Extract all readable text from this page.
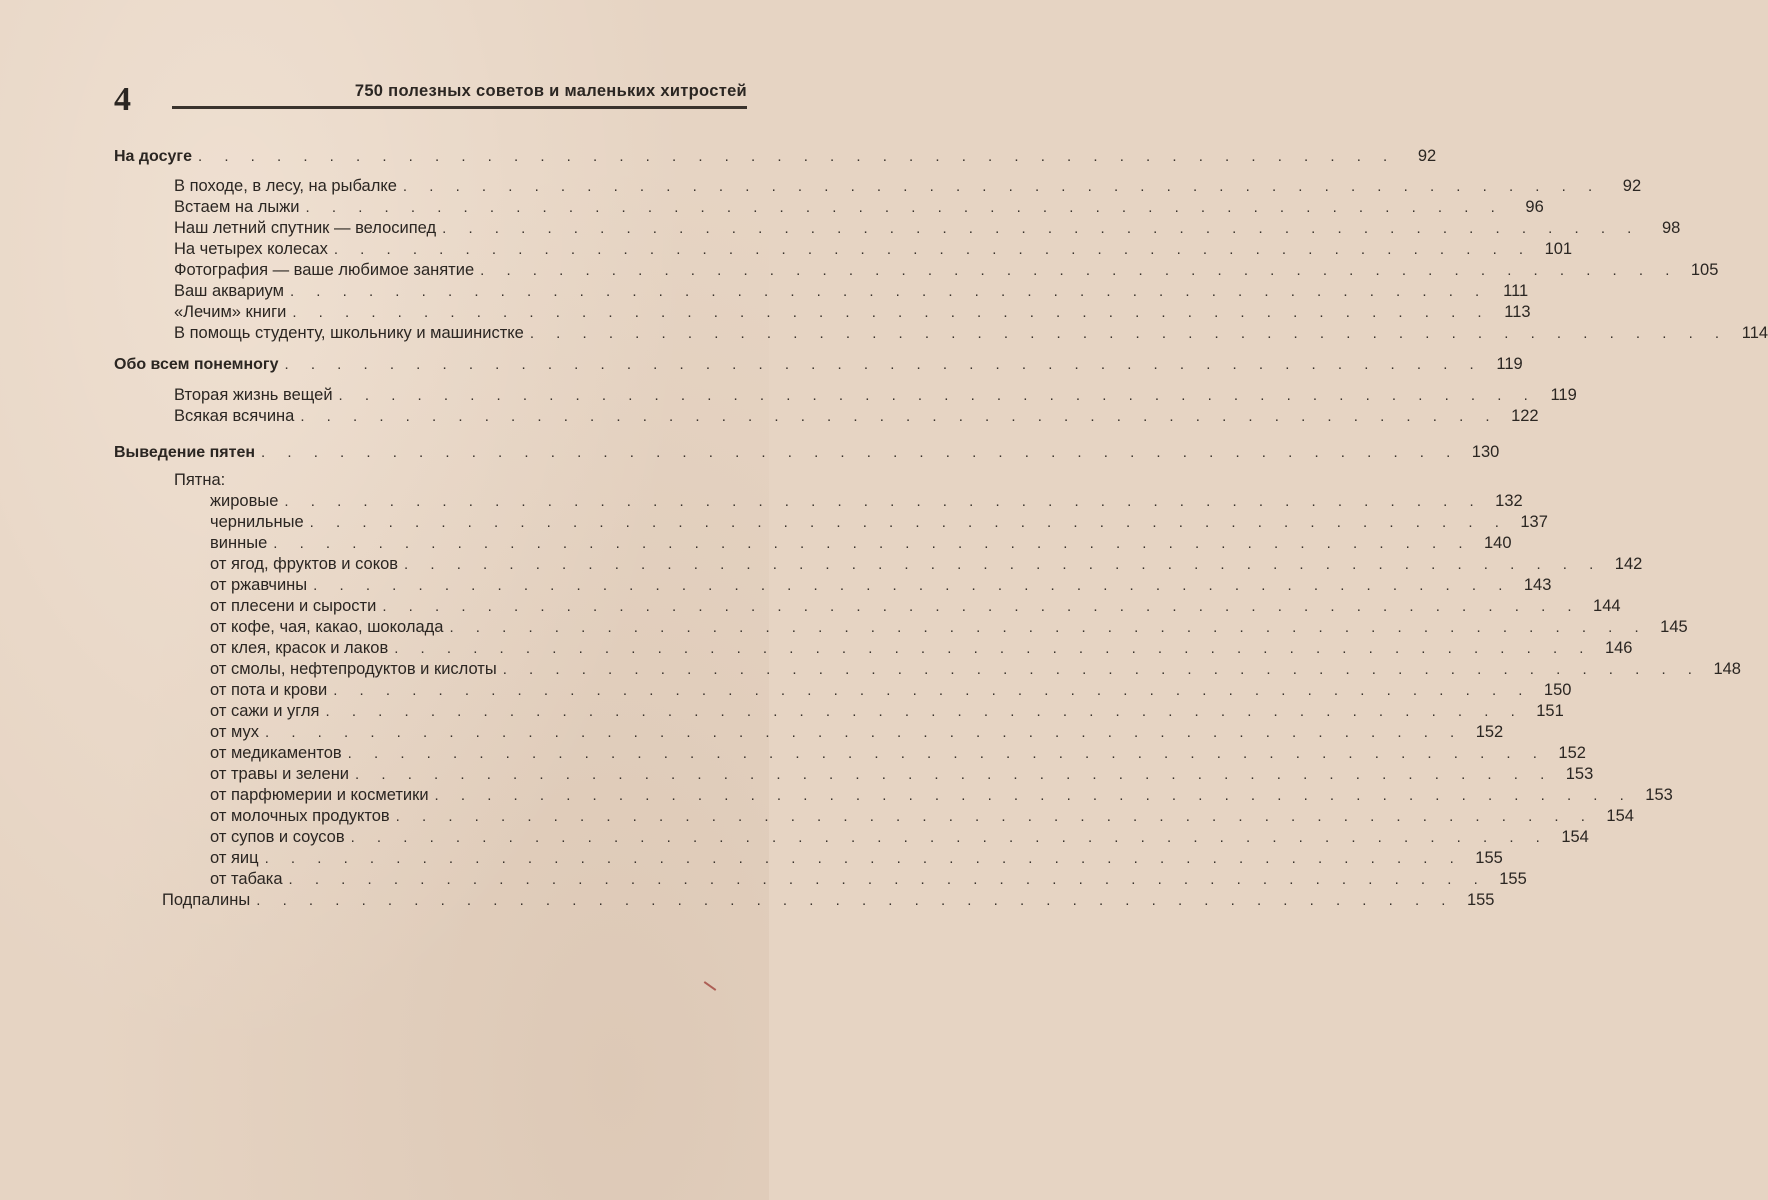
4	750 полезных советов и маленьких хитростей
На досуге . . . . . . . . . . . . . . . . . . . . . . . . . . . . . . . . . . . . . . . . . . . . . .	92
В походе, в лесу, на рыбалке . . . . . . . . . . . . . . . . . . . . . . . . . . . . . . . . . . . . . . . . . . . . . .	92
Встаем на лыжи . . . . . . . . . . . . . . . . . . . . . . . . . . . . . . . . . . . . . . . . . . . . . .	96
Наш летний спутник — велосипед . . . . . . . . . . . . . . . . . . . . . . . . . . . . . . . . . . . . . . . . . . . . . .	98
На четырех колесах . . . . . . . . . . . . . . . . . . . . . . . . . . . . . . . . . . . . . . . . . . . . . . 101
Фотография — ваше любимое занятие . . . . . . . . . . . . . . . . . . . . . . . . . . . . . . . . . . . . . . . . . . . . . . 105
Ваш аквариум . . . . . . . . . . . . . . . . . . . . . . . . . . . . . . . . . . . . . . . . . . . . . . 111
«Лечим» книги . . . . . . . . . . . . . . . . . . . . . . . . . . . . . . . . . . . . . . . . . . . . . . 113
В помощь студенту, школьнику и машинистке . . . . . . . . . . . . . . . . . . . . . . . . . . . . . . . . . . . . . . . . . . . . . . 114
Обо всем понемногу . . . . . . . . . . . . . . . . . . . . . . . . . . . . . . . . . . . . . . . . . . . . . . 119
Вторая жизнь вещей . . . . . . . . . . . . . . . . . . . . . . . . . . . . . . . . . . . . . . . . . . . . . . 119
Всякая всячина . . . . . . . . . . . . . . . . . . . . . . . . . . . . . . . . . . . . . . . . . . . . . . 122
Выведение пятен . . . . . . . . . . . . . . . . . . . . . . . . . . . . . . . . . . . . . . . . . . . . . . 130
Пятна:
жировые . . . . . . . . . . . . . . . . . . . . . . . . . . . . . . . . . . . . . . . . . . . . . . 132
чернильные . . . . . . . . . . . . . . . . . . . . . . . . . . . . . . . . . . . . . . . . . . . . . . 137
винные . . . . . . . . . . . . . . . . . . . . . . . . . . . . . . . . . . . . . . . . . . . . . . 140
от ягод, фруктов и соков . . . . . . . . . . . . . . . . . . . . . . . . . . . . . . . . . . . . . . . . . . . . . . 142
от ржавчины . . . . . . . . . . . . . . . . . . . . . . . . . . . . . . . . . . . . . . . . . . . . . . 143
от плесени и сырости . . . . . . . . . . . . . . . . . . . . . . . . . . . . . . . . . . . . . . . . . . . . . . 144
от кофе, чая, какао, шоколада . . . . . . . . . . . . . . . . . . . . . . . . . . . . . . . . . . . . . . . . . . . . . . 145
от клея, красок и лаков . . . . . . . . . . . . . . . . . . . . . . . . . . . . . . . . . . . . . . . . . . . . . . 146
от смолы, нефтепродуктов и кислоты . . . . . . . . . . . . . . . . . . . . . . . . . . . . . . . . . . . . . . . . . . . . . . 148
от пота и крови . . . . . . . . . . . . . . . . . . . . . . . . . . . . . . . . . . . . . . . . . . . . . . 150
от сажи и угля . . . . . . . . . . . . . . . . . . . . . . . . . . . . . . . . . . . . . . . . . . . . . . 151
от мух . . . . . . . . . . . . . . . . . . . . . . . . . . . . . . . . . . . . . . . . . . . . . . 152
от медикаментов . . . . . . . . . . . . . . . . . . . . . . . . . . . . . . . . . . . . . . . . . . . . . . 152
от травы и зелени . . . . . . . . . . . . . . . . . . . . . . . . . . . . . . . . . . . . . . . . . . . . . . 153
от парфюмерии и косметики . . . . . . . . . . . . . . . . . . . . . . . . . . . . . . . . . . . . . . . . . . . . . . 153
от молочных продуктов . . . . . . . . . . . . . . . . . . . . . . . . . . . . . . . . . . . . . . . . . . . . . . 154
от супов и соусов . . . . . . . . . . . . . . . . . . . . . . . . . . . . . . . . . . . . . . . . . . . . . . 154
от яиц . . . . . . . . . . . . . . . . . . . . . . . . . . . . . . . . . . . . . . . . . . . . . . 155
от табака . . . . . . . . . . . . . . . . . . . . . . . . . . . . . . . . . . . . . . . . . . . . . . 155
Подпалины . . . . . . . . . . . . . . . . . . . . . . . . . . . . . . . . . . . . . . . . . . . . . . 155
